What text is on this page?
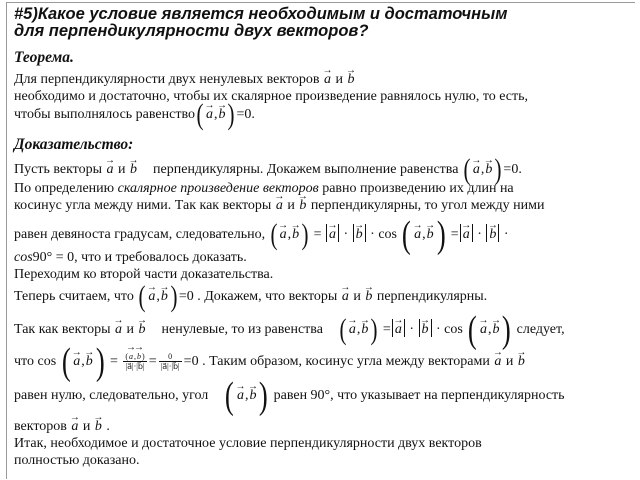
#5)Какое условие является необходимым и достаточным
для перпендикулярности двух векторов?
Теорема.
Для перпендикулярности двух ненулевых векторов → a и → b
необходимо и достаточно, чтобы их скалярное произведение равнялось нулю, то есть,
чтобы выполнялось равенство( → a,→ b) =0.
Доказательство:
Пусть векторы → a и → b перпендикулярны. Докажем выполнение равенства ( → a,→ b) =0.
По определению скалярное произведение векторов равно произведению их длин на
косинус угла между ними. Так как векторы → a и → b перпендикулярны, то угол между ними
равен девяноста градусам, следовательно, ( → a,→ b) = → a · → b · cos ( → a,→ b) = → a · → b ·
cos90° = 0, что и требовалось доказать.
Переходим ко второй части доказательства.
Теперь считаем, что ( → a,→ b) =0 . Докажем, что векторы → a и → b перпендикулярны.
Так как векторы → a и → b ненулевые, то из равенства ( → a,→ b) = → a · → b · cos ( → a,→ b) следует,
что cos ( → $a,\to b) = \frac{(\to a,\to b)}{|a⃗|\cdot|b⃗|} = \frac{0}{|a⃗|\cdot|b⃗|} =0$ . Таким образом, косинус угла между векторами → a и → b
равен нулю, следовательно, угол ( → a,→ b) равен 90°, что указывает на перпендикулярность
векторов → a и → b .
Итак, необходимое и достаточное условие перпендикулярности двух векторов
полностью доказано.
